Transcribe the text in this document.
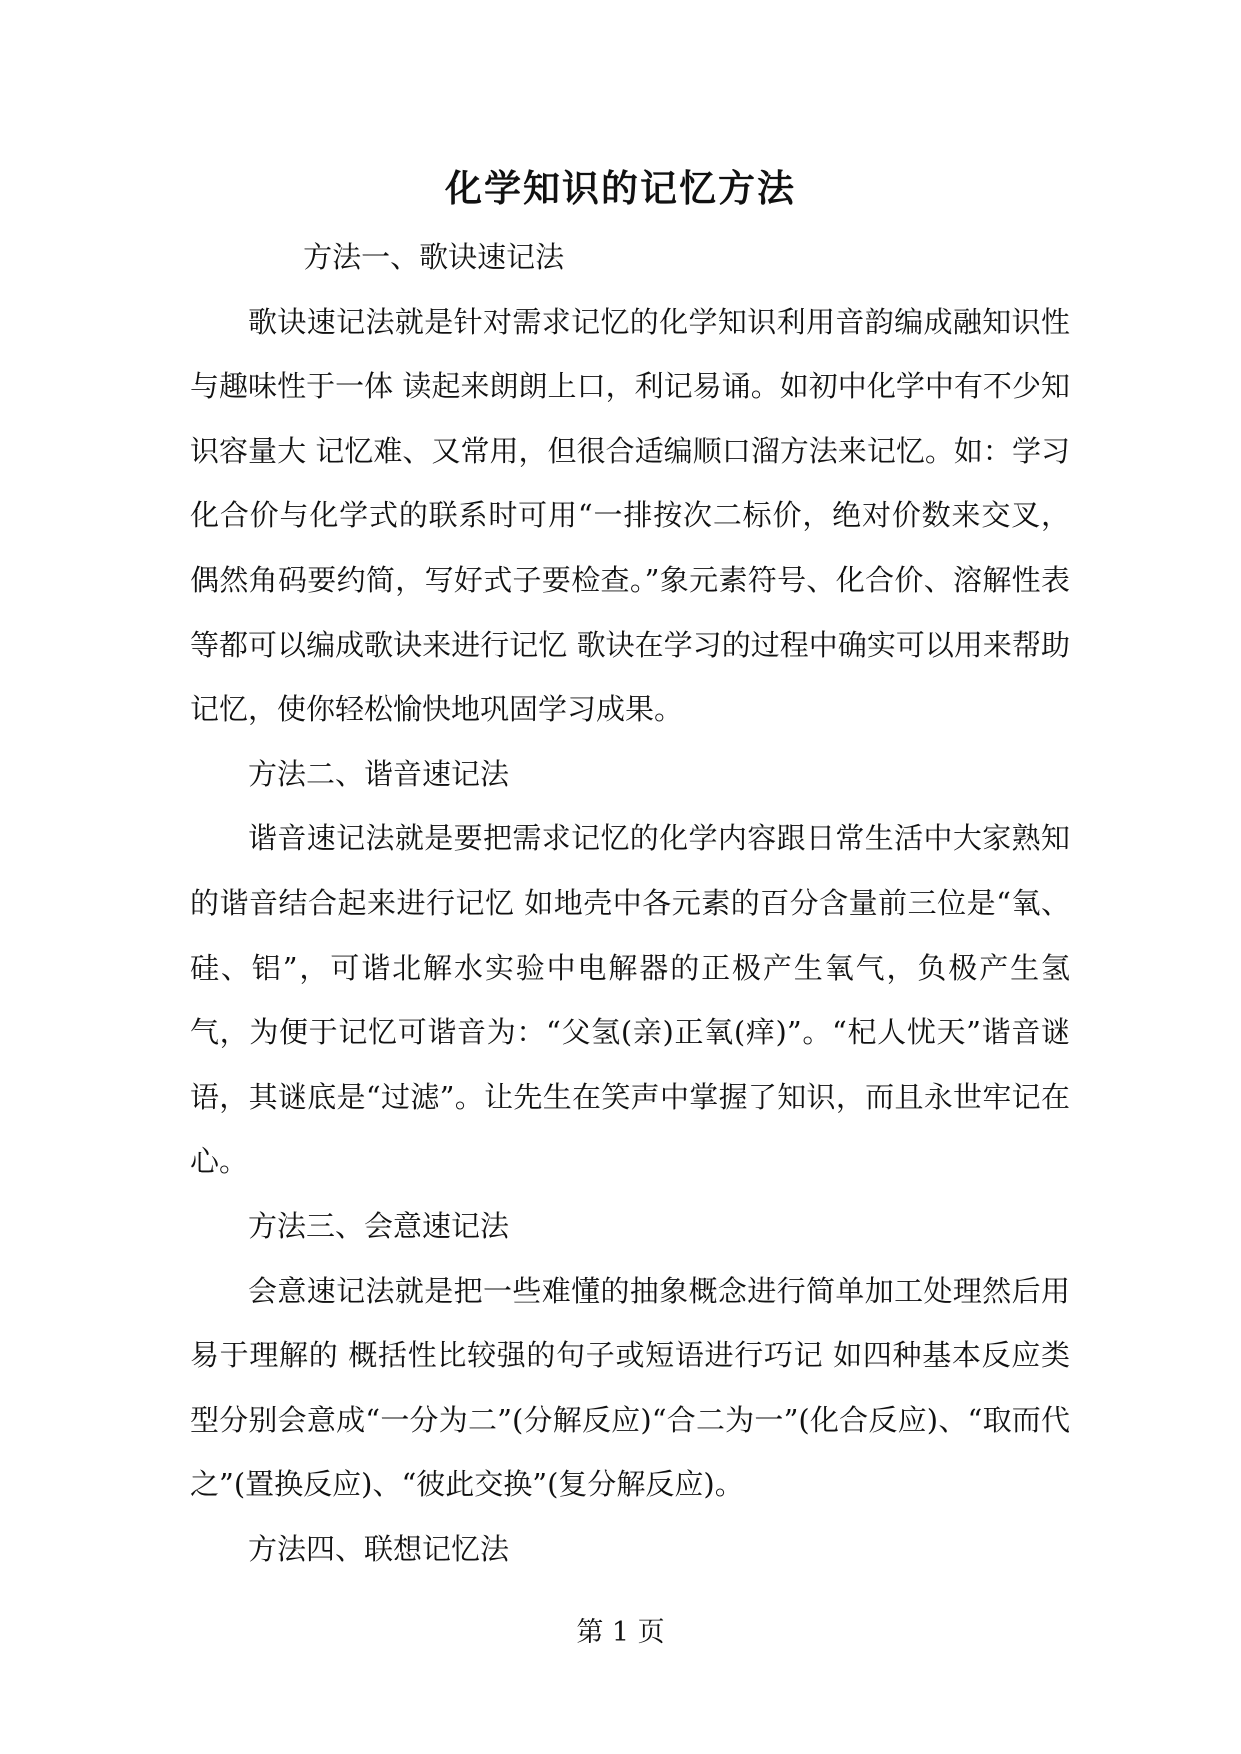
化学知识的记忆方法

方法一、歌诀速记法

歌诀速记法就是针对需求记忆的化学知识利用音韵编成融知识性与趣味性于一体 读起来朗朗上口，利记易诵。如初中化学中有不少知识容量大 记忆难、又常用，但很合适编顺口溜方法来记忆。如：学习化合价与化学式的联系时可用“一排按次二标价，绝对价数来交叉，偶然角码要约简，写好式子要检查。”象元素符号、化合价、溶解性表等都可以编成歌诀来进行记忆 歌诀在学习的过程中确实可以用来帮助记忆，使你轻松愉快地巩固学习成果。

方法二、谐音速记法

谐音速记法就是要把需求记忆的化学内容跟日常生活中大家熟知的谐音结合起来进行记忆 如地壳中各元素的百分含量前三位是“氧、硅、铝”，可谐北解水实验中电解器的正极产生氧气，负极产生氢气，为便于记忆可谐音为：“父氢(亲)正氧(痒)”。“杞人忧天”谐音谜语，其谜底是“过滤”。让先生在笑声中掌握了知识，而且永世牢记在心。

方法三、会意速记法

会意速记法就是把一些难懂的抽象概念进行简单加工处理然后用易于理解的 概括性比较强的句子或短语进行巧记 如四种基本反应类型分别会意成“一分为二”(分解反应)“合二为一”(化合反应)、“取而代之”(置换反应)、“彼此交换”(复分解反应)。

方法四、联想记忆法

第 1 页
